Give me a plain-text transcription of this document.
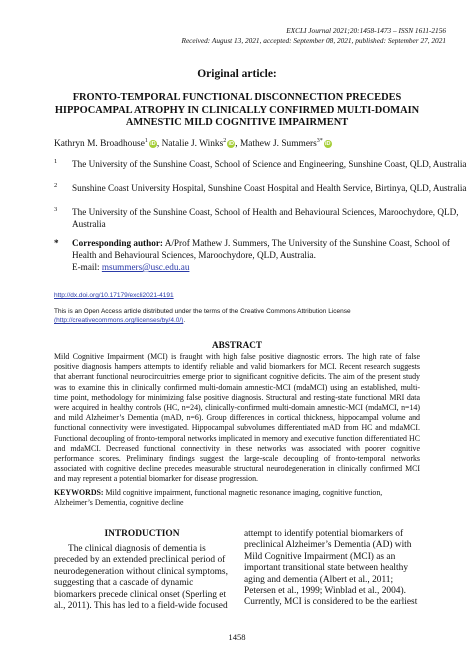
EXCLI Journal 2021;20:1458-1473 – ISSN 1611-2156
Received: August 13, 2021, accepted: September 08, 2021, published: September 27, 2021
Original article:
FRONTO-TEMPORAL FUNCTIONAL DISCONNECTION PRECEDES HIPPOCAMPAL ATROPHY IN CLINICALLY CONFIRMED MULTI-DOMAIN AMNESTIC MILD COGNITIVE IMPAIRMENT
Kathryn M. Broadhouse$^1$ iD, Natalie J. Winks$^2$ iD, Mathew J. Summers$^{3*}$ iD
1 The University of the Sunshine Coast, School of Science and Engineering, Sunshine Coast, QLD, Australia
2 Sunshine Coast University Hospital, Sunshine Coast Hospital and Health Service, Birtinya, QLD, Australia
3 The University of the Sunshine Coast, School of Health and Behavioural Sciences, Maroochydore, QLD, Australia
* Corresponding author: A/Prof Mathew J. Summers, The University of the Sunshine Coast, School of Health and Behavioural Sciences, Maroochydore, QLD, Australia.
E-mail: msummers@usc.edu.au
http://dx.doi.org/10.17179/excli2021-4191
This is an Open Access article distributed under the terms of the Creative Commons Attribution License
(http://creativecommons.org/licenses/by/4.0/).
ABSTRACT
Mild Cognitive Impairment (MCI) is fraught with high false positive diagnostic errors. The high rate of false positive diagnosis hampers attempts to identify reliable and valid biomarkers for MCI. Recent research suggests that aberrant functional neurocircuitries emerge prior to significant cognitive deficits. The aim of the present study was to examine this in clinically confirmed multi-domain amnestic-MCI (mdaMCI) using an established, multi-time point, methodology for minimizing false positive diagnosis. Structural and resting-state functional MRI data were acquired in healthy controls (HC, n=24), clinically-confirmed multi-domain amnestic-MCI (mdaMCI, n=14) and mild Alzheimer’s Dementia (mAD, n=6). Group differences in cortical thickness, hippocampal volume and functional connectivity were investigated. Hippocampal subvolumes differentiated mAD from HC and mdaMCI. Functional decoupling of fronto-temporal networks implicated in memory and executive function differentiated HC and mdaMCI. Decreased functional connectivity in these networks was associated with poorer cognitive performance scores. Preliminary findings suggest the large-scale decoupling of fronto-temporal networks associated with cognitive decline precedes measurable structural neurodegeneration in clinically confirmed MCI and may represent a potential biomarker for disease progression.
KEYWORDS: Mild cognitive impairment, functional magnetic resonance imaging, cognitive function, Alzheimer’s Dementia, cognitive decline
INTRODUCTION

The clinical diagnosis of dementia is preceded by an extended preclinical period of neurodegeneration without clinical symptoms, suggesting that a cascade of dynamic biomarkers precede clinical onset (Sperling et al., 2011). This has led to a field-wide focused

attempt to identify potential biomarkers of preclinical Alzheimer’s Dementia (AD) with Mild Cognitive Impairment (MCI) as an important transitional state between healthy aging and dementia (Albert et al., 2011; Petersen et al., 1999; Winblad et al., 2004). Currently, MCI is considered to be the earliest

1458
